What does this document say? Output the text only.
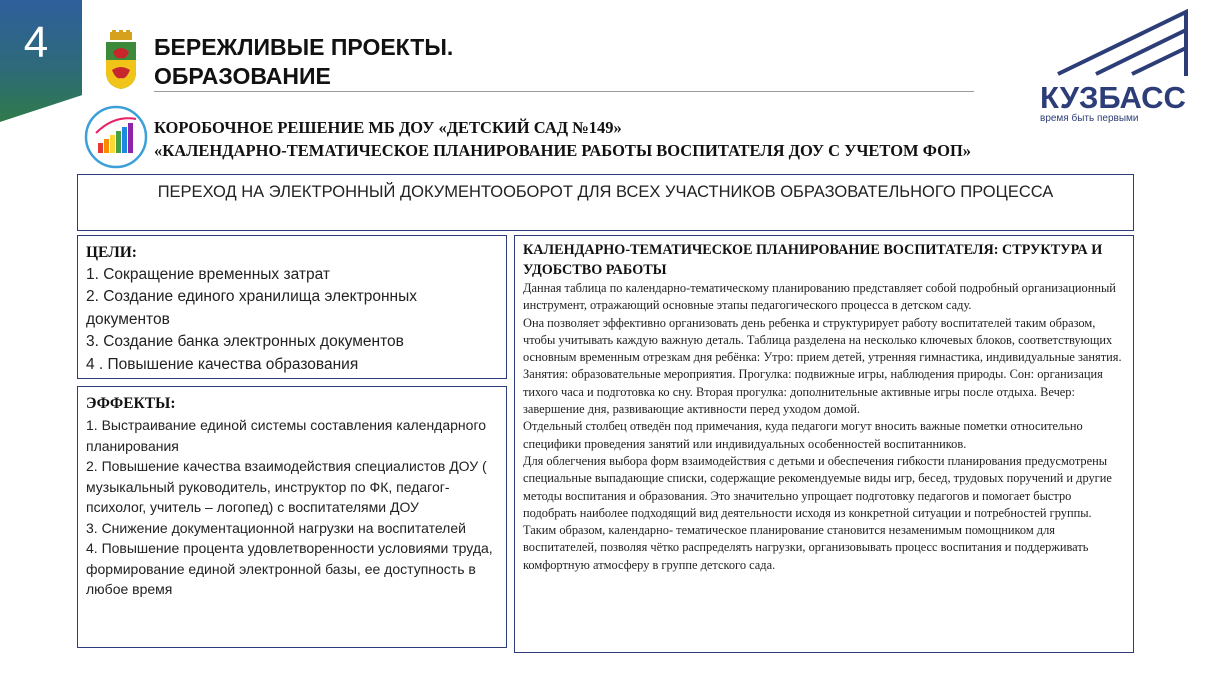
4	БЕРЕЖЛИВЫЕ ПРОЕКТЫ.
ОБРАЗОВАНИЕ
КУЗБАСС
время быть первыми
КОРОБОЧНОЕ РЕШЕНИЕ МБ ДОУ «ДЕТСКИЙ САД №149»
«КАЛЕНДАРНО-ТЕМАТИЧЕСКОЕ ПЛАНИРОВАНИЕ РАБОТЫ ВОСПИТАТЕЛЯ ДОУ С УЧЕТОМ ФОП»
ПЕРЕХОД НА ЭЛЕКТРОННЫЙ ДОКУМЕНТООБОРОТ ДЛЯ ВСЕХ УЧАСТНИКОВ ОБРАЗОВАТЕЛЬНОГО ПРОЦЕССА
ЦЕЛИ:
1. Сокращение временных затрат
2. Создание единого хранилища электронных документов
3. Создание банка электронных документов
4 . Повышение качества образования
ЭФФЕКТЫ:
1. Выстраивание единой системы составления календарного планирования
2. Повышение качества взаимодействия специалистов ДОУ ( музыкальный руководитель, инструктор по ФК, педагог-психолог, учитель – логопед) с воспитателями ДОУ
3. Снижение документационной нагрузки на воспитателей
4. Повышение процента удовлетворенности условиями труда, формирование единой электронной базы, ее доступность в любое время
КАЛЕНДАРНО-ТЕМАТИЧЕСКОЕ ПЛАНИРОВАНИЕ ВОСПИТАТЕЛЯ: СТРУКТУРА И УДОБСТВО РАБОТЫ
Данная таблица по календарно-тематическому планированию представляет собой подробный организационный инструмент, отражающий основные этапы педагогического процесса в детском саду.
Она позволяет эффективно организовать день ребенка и структурирует работу воспитателей таким образом, чтобы учитывать каждую важную деталь. Таблица разделена на несколько ключевых блоков, соответствующих основным временным отрезкам дня ребёнка: Утро: прием детей, утренняя гимнастика, индивидуальные занятия. Занятия: образовательные мероприятия. Прогулка: подвижные игры, наблюдения природы. Сон: организация тихого часа и подготовка ко сну. Вторая прогулка: дополнительные активные игры после отдыха. Вечер: завершение дня, развивающие активности перед уходом домой.
Отдельный столбец отведён под примечания, куда педагоги могут вносить важные пометки относительно специфики проведения занятий или индивидуальных особенностей воспитанников.
Для облегчения выбора форм взаимодействия с детьми и обеспечения гибкости планирования предусмотрены специальные выпадающие списки, содержащие рекомендуемые виды игр, бесед, трудовых поручений и другие методы воспитания и образования. Это значительно упрощает подготовку педагогов и помогает быстро подобрать наиболее подходящий вид деятельности исходя из конкретной ситуации и потребностей группы.
Таким образом, календарно- тематическое планирование становится незаменимым помощником для воспитателей, позволяя чётко распределять нагрузки, организовывать процесс воспитания и поддерживать комфортную атмосферу в группе детского сада.
